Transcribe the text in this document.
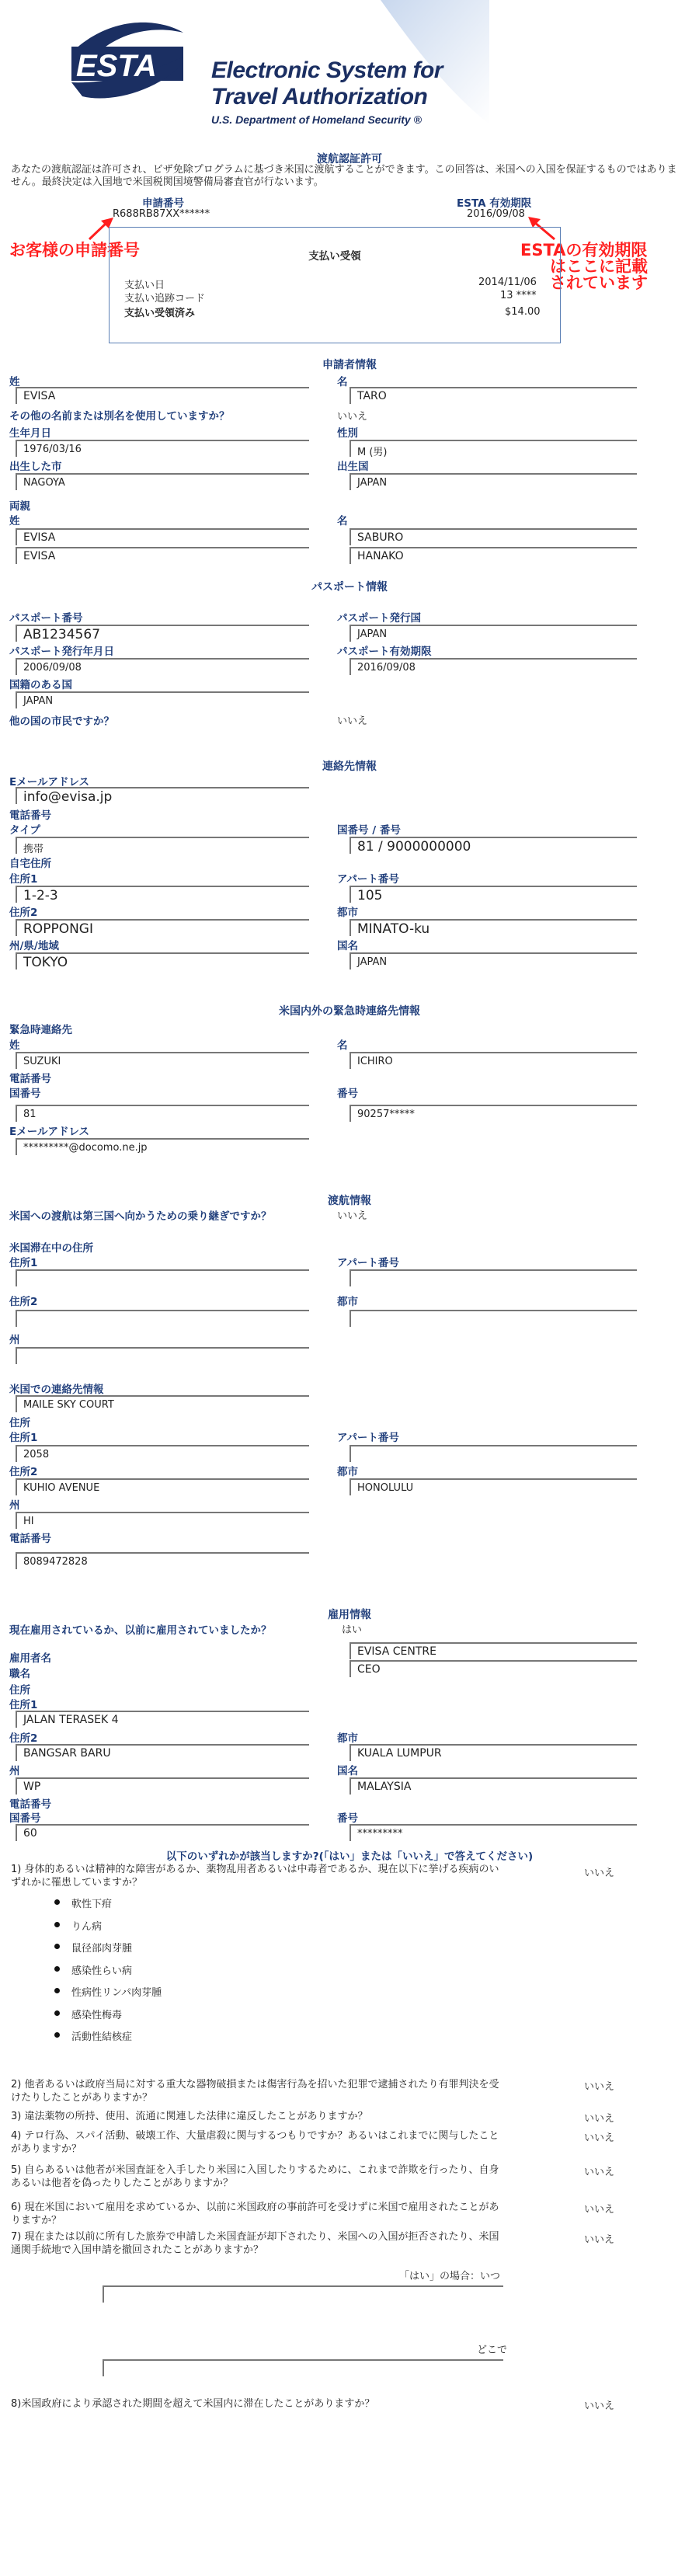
ESTA Electronic System for
Travel Authorization
U.S. Department of Homeland Security ®
渡航認証許可
あなたの渡航認証は許可され、ビザ免除プログラムに基づき米国に渡航することができます。この回答は、米国への入国を保証するものではありません。最終決定は入国地で米国税関国境警備局審査官が行ないます。
申請番号
R688RB87XX******
ESTA 有効期限
2016/09/08
お客様の申請番号	ESTAの有効期限
はここに記載
されています
支払い受領
支払い日	2014/11/06
支払い追跡コード	13 ****
支払い受領済み	$14.00
申請者情報
姓	名
EVISA	TARO
その他の名前または別名を使用していますか？	いいえ
生年月日	性別
1976/03/16	M (男)
出生した市	出生国
NAGOYA	JAPAN
両親
姓	名
EVISA	SABURO
EVISA	HANAKO
パスポート情報
パスポート番号	パスポート発行国
AB1234567	JAPAN
パスポート発行年月日	パスポート有効期限
2006/09/08	2016/09/08
国籍のある国
JAPAN
他の国の市民ですか？	いいえ
連絡先情報
Eメールアドレス
info@evisa.jp
電話番号
タイプ	国番号 / 番号
携帯	81 / 9000000000
自宅住所
住所1	アパート番号
1-2-3	105
住所2	都市
ROPPONGI	MINATO-ku
州/県/地域	国名
TOKYO	JAPAN
米国内外の緊急時連絡先情報
緊急時連絡先
姓	名
SUZUKI	ICHIRO
電話番号
国番号	番号
81	90257*****
Eメールアドレス
*********@docomo.ne.jp
渡航情報
米国への渡航は第三国へ向かうための乗り継ぎですか？	いいえ
米国滞在中の住所
住所1	アパート番号
住所2	都市
州
米国での連絡先情報
MAILE SKY COURT
住所
住所1	アパート番号
2058
住所2	都市
KUHIO AVENUE	HONOLULU
州
HI
電話番号
8089472828
雇用情報
現在雇用されているか、以前に雇用されていましたか？	はい
雇用者名
EVISA CENTRE
職名	CEO
住所
住所1
JALAN TERASEK 4
住所2	都市
BANGSAR BARU	KUALA LUMPUR
州	国名
WP	MALAYSIA
電話番号
国番号	番号
60	*********
以下のいずれかが該当しますか?(「はい」または「いいえ」で答えてください)
1) 身体的あるいは精神的な障害があるか、薬物乱用者あるいは中毒者であるか、現在以下に挙げる疾病のいずれかに罹患していますか？
いいえ
軟性下疳
りん病
鼠径部肉芽腫
感染性らい病
性病性リンパ肉芽腫
感染性梅毒
活動性結核症
2) 他者あるいは政府当局に対する重大な器物破損または傷害行為を招いた犯罪で逮捕されたり有罪判決を受けたりしたことがありますか？
いいえ
3) 違法薬物の所持、使用、流通に関連した法律に違反したことがありますか？	いいえ
4) テロ行為、スパイ活動、破壊工作、大量虐殺に関与するつもりですか？あるいはこれまでに関与したことがありますか？
いいえ
5) 自らあるいは他者が米国査証を入手したり米国に入国したりするために、これまで詐欺を行ったり、自身あるいは他者を偽ったりしたことがありますか？
いいえ
6) 現在米国において雇用を求めているか、以前に米国政府の事前許可を受けずに米国で雇用されたことがありますか？
いいえ
7) 現在または以前に所有した旅券で申請した米国査証が却下されたり、米国への入国が拒否されたり、米国通関手続地で入国申請を撤回されたことがありますか？
いいえ
「はい」の場合：いつ
どこで
8)米国政府により承認された期間を超えて米国内に滞在したことがありますか？	いいえ
